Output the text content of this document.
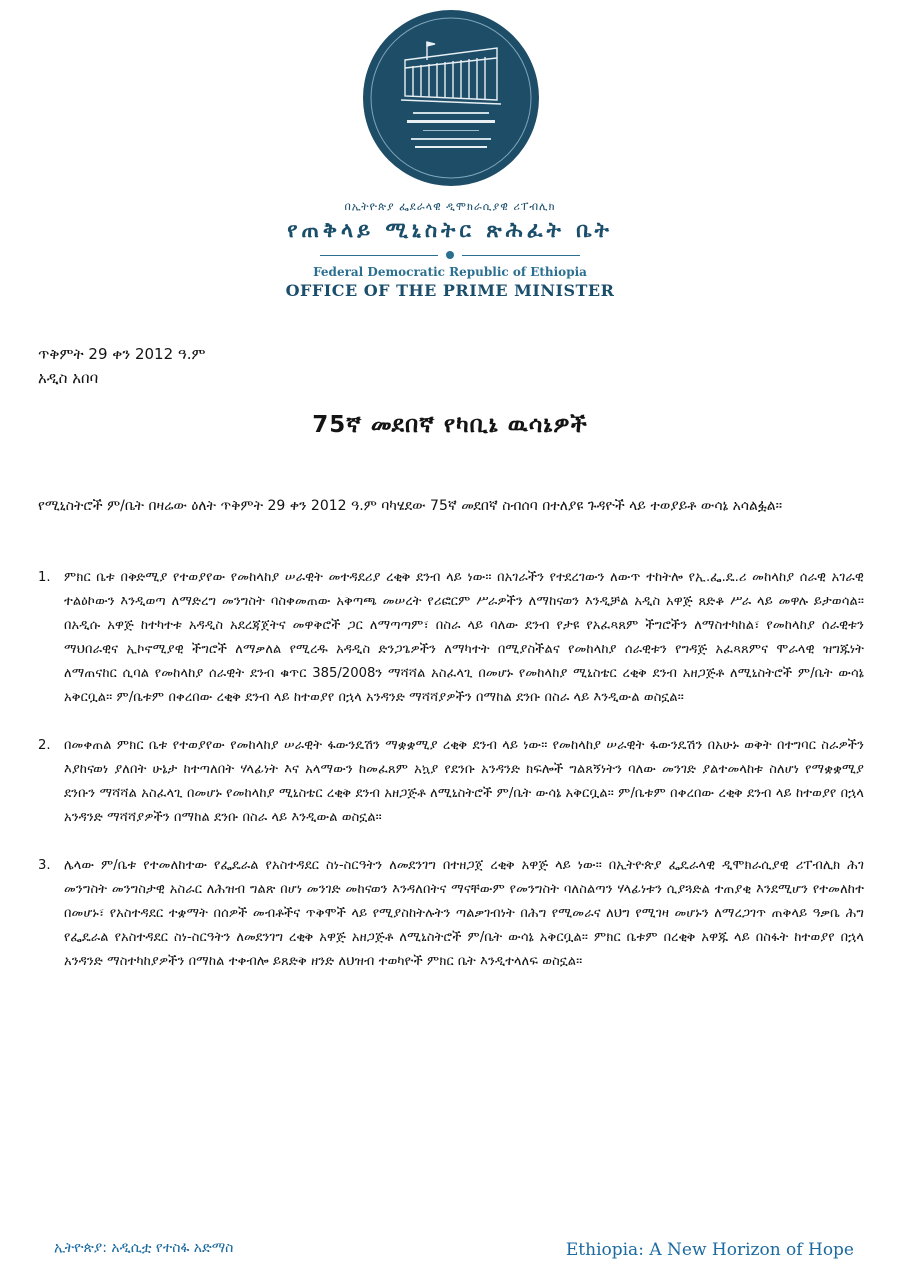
በኢትዮጵያ ፌደራላዊ ዲሞክራሲያዊ ሪፐብሊክ
የጠቅላይ ሚኒስትር ጽሕፈት ቤት
Federal Democratic Republic of Ethiopia
OFFICE OF THE PRIME MINISTER
ጥቅምት 29 ቀን 2012 ዓ.ም
አዲስ አበባ
75ኛ መደበኛ የካቢኔ ዉሳኔዎች
የሚኒስትሮች ም/ቤት በዛሬው ዕለት ጥቅምት 29 ቀን 2012 ዓ.ም ባካሄደው 75ኛ መደበኛ ስብሰባ በተለያዩ ጉዳዮች ላይ ተወያይቶ ውሳኔ አሳልፏል።
1. ምክር ቤቱ በቅድሚያ የተወያየው የመከላከያ ሠራዊት መተዳደሪያ ረቂቅ ደንብ ላይ ነው። በአገራችን የተደረገውን ለውጥ ተከትሎ የኢ.ፌ.ዴ.ሪ መከላከያ ሰራዊ አገራዊ ተልዕኮውን እንዲወጣ ለማድረግ መንግስት ባስቀመጠው አቅጣጫ መሠረት የሪፎርም ሥራዎችን ለማከናወን እንዲቻል አዲስ አዋጅ ጸድቆ ሥራ ላይ መዋሉ ይታወሳል። በአዲሱ አዋጅ ከተካተቱ አዳዲስ አደረጃጀትና መዋቅሮች ጋር ለማጣጣም፣ በስራ ላይ ባለው ደንብ የታዩ የአፈጻጸም ችግሮችን ለማስተካከል፣ የመከላከያ ሰራዊቱን ማህበራዊና ኢኮኖሚያዊ ችግሮች ለማቃለል የሚረዱ አዳዲስ ድንጋጌዎችን ለማካተት በሚያስችልና የመከላከያ ሰራዊቱን የግዳጅ አፈጻጸምና ሞራላዊ ዝግጁነት ለማጠናከር ሲባል የመከላከያ ሰራዊት ደንብ ቁጥር 385/2008ን ማሻሻል አስፈላጊ በመሆኑ የመከላከያ ሚኒስቴር ረቂቅ ደንብ አዘጋጅቶ ለሚኒስትሮች ም/ቤት ውሳኔ አቅርቧል። ም/ቤቱም በቀረበው ረቂቅ ደንብ ላይ ከተወያየ በኋላ አንዳንድ ማሻሻያዎችን በማከል ደንቡ በስራ ላይ እንዲውል ወስኗል።
2. በመቀጠል ምክር ቤቱ የተወያየው የመከላከያ ሠራዊት ፋውንዴሽን ማቋቋሚያ ረቂቅ ደንብ ላይ ነው። የመከላከያ ሠራዊት ፋውንዴሽን በአሁኑ ወቅት በተግባር ስራዎችን እያከናወነ ያለበት ሁኔታ ከተጣለበት ሃላፊነት እና አላማውን ከመፈጸም አኳያ የደንቡ አንዳንድ ክፍሎች ግልጸኝነትን ባለው መንገድ ያልተመላከቱ ስለሆነ የማቋቋሚያ ደንቡን ማሻሻል አስፈላጊ በመሆኑ የመከላከያ ሚኒስቴር ረቂቅ ደንብ አዘጋጅቶ ለሚኒስትሮች ም/ቤት ውሳኔ አቅርቧል። ም/ቤቱም በቀረበው ረቂቅ ደንብ ላይ ከተወያየ በኋላ አንዳንድ ማሻሻያዎችን በማከል ደንቡ በስራ ላይ እንዲውል ወስኗል።
3. ሌላው ም/ቤቱ የተመለከተው የፌዴራል የአስተዳደር ስነ-ስርዓትን ለመደንገግ በተዘጋጀ ረቂቅ አዋጅ ላይ ነው። በኢትዮጵያ ፌዴራላዊ ዲሞክራሲያዊ ሪፐብሊክ ሕገ መንግስት መንግስታዊ አስራር ለሕዝብ ግልጽ በሆነ መንገድ መከናወን እንዳለበትና ማናቸውም የመንግስት ባለስልጣን ሃላፊነቱን ሲያጓድል ተጠያቂ እንደሚሆን የተመለከተ በመሆኑ፣ የአስተዳደር ተቋማት በሰዎች መብቶችና ጥቅሞች ላይ የሚያስከትሉትን ጣልቃገብነት በሕግ የሚመራና ለህግ የሚገዛ መሆኑን ለማረጋገጥ ጠቅላይ ዓቃቤ ሕግ የፌዴራል የአስተዳደር ስነ-ስርዓትን ለመደንገግ ረቂቅ አዋጅ አዘጋጅቶ ለሚኒስትሮች ም/ቤት ውሳኔ አቅርቧል። ምክር ቤቱም በረቂቅ አዋጁ ላይ በስፋት ከተወያየ በኋላ አንዳንድ ማስተካከያዎችን በማከል ተቀብሎ ይጸድቅ ዘንድ ለህዝብ ተወካዮች ምክር ቤት እንዲተላለፍ ወስኗል።
ኢትዮጵያ: አዲሲቷ የተስፋ አድማስ	Ethiopia: A New Horizon of Hope
